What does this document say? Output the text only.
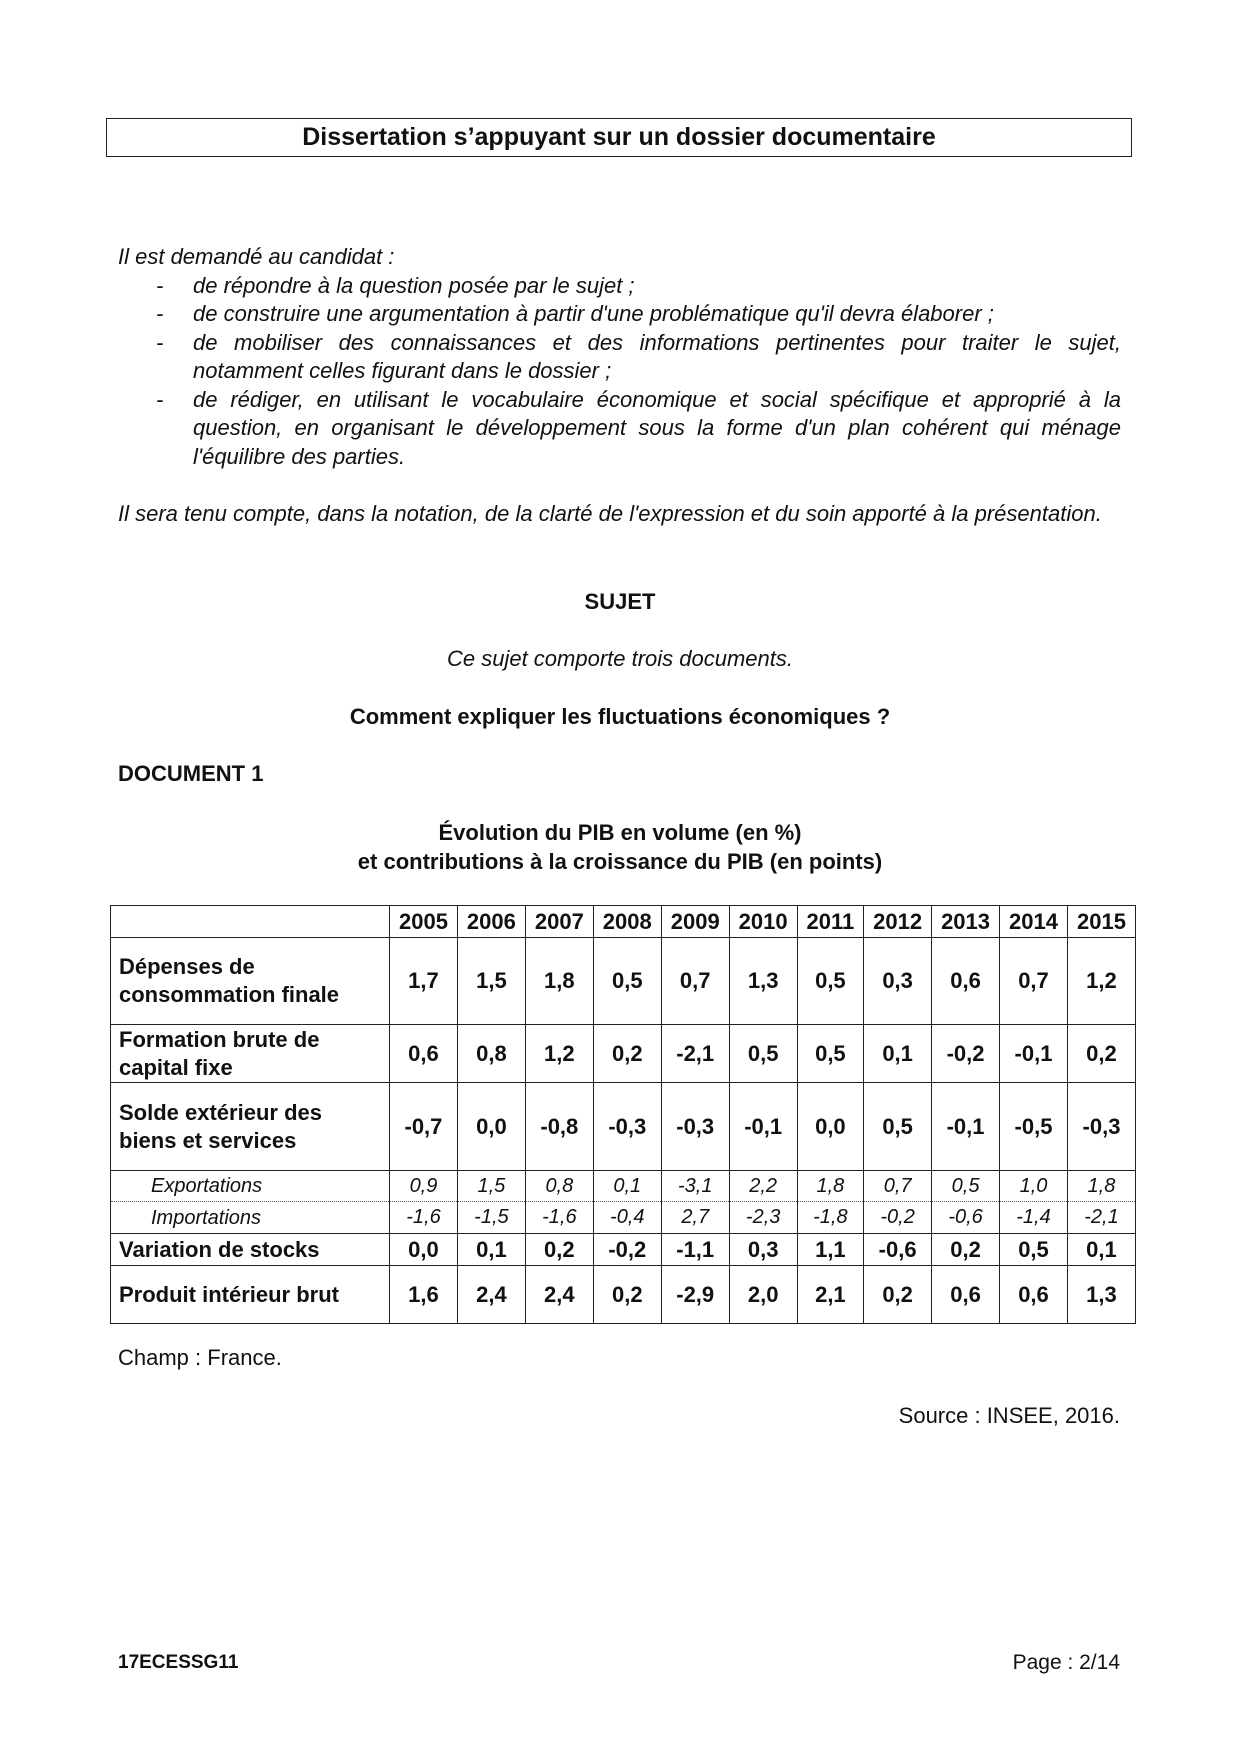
Dissertation s’appuyant sur un dossier documentaire
Il est demandé au candidat :
- de répondre à la question posée par le sujet ;
- de construire une argumentation à partir d'une problématique qu'il devra élaborer ;
- de mobiliser des connaissances et des informations pertinentes pour traiter le sujet, notamment celles figurant dans le dossier ;
- de rédiger, en utilisant le vocabulaire économique et social spécifique et approprié à la question, en organisant le développement sous la forme d'un plan cohérent qui ménage l'équilibre des parties.
Il sera tenu compte, dans la notation, de la clarté de l'expression et du soin apporté à la présentation.
SUJET
Ce sujet comporte trois documents.
Comment expliquer les fluctuations économiques ?
DOCUMENT 1
Évolution du PIB en volume (en %)
et contributions à la croissance du PIB (en points)
	2005	2006	2007	2008	2009	2010	2011	2012	2013	2014	2015
Dépenses de consommation finale	1,7	1,5	1,8	0,5	0,7	1,3	0,5	0,3	0,6	0,7	1,2
Formation brute de capital fixe	0,6	0,8	1,2	0,2	-2,1	0,5	0,5	0,1	-0,2	-0,1	0,2
Solde extérieur des biens et services	-0,7	0,0	-0,8	-0,3	-0,3	-0,1	0,0	0,5	-0,1	-0,5	-0,3
Exportations	0,9	1,5	0,8	0,1	-3,1	2,2	1,8	0,7	0,5	1,0	1,8
Importations	-1,6	-1,5	-1,6	-0,4	2,7	-2,3	-1,8	-0,2	-0,6	-1,4	-2,1
Variation de stocks	0,0	0,1	0,2	-0,2	-1,1	0,3	1,1	-0,6	0,2	0,5	0,1
Produit intérieur brut	1,6	2,4	2,4	0,2	-2,9	2,0	2,1	0,2	0,6	0,6	1,3
Champ : France.
Source : INSEE, 2016.
17ECESSG11	Page : 2/14
